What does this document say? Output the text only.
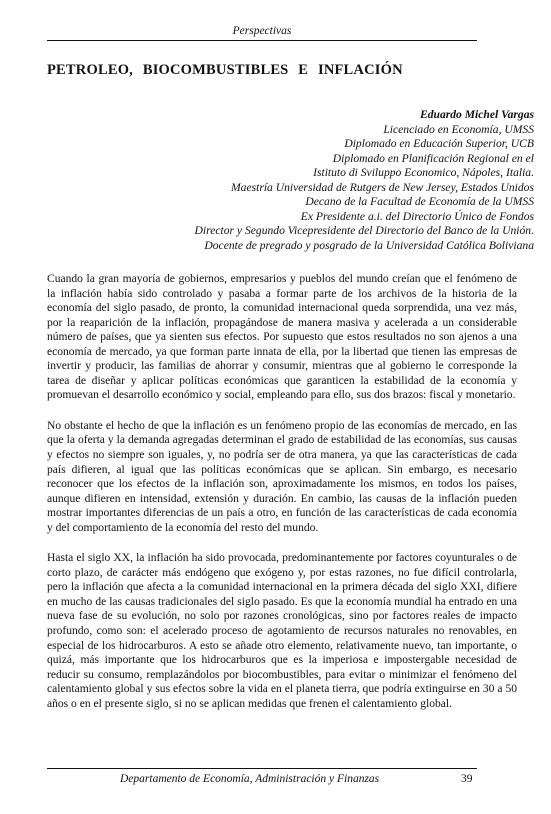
Perspectivas
PETROLEO, BIOCOMBUSTIBLES E INFLACIÓN
Eduardo Michel Vargas
Licenciado en Economía, UMSS
Diplomado en Educación Superior, UCB
Diplomado en Planificación Regional en el
Istituto di Sviluppo Economico, Nápoles, Italia.
Maestría Universidad de Rutgers de New Jersey, Estados Unidos
Decano de la Facultad de Economía de la UMSS
Ex Presidente a.i. del Directorio Único de Fondos
Director y Segundo Vicepresidente del Directorio del Banco de la Unión.
Docente de pregrado y posgrado de la Universidad Católica Boliviana

Cuando la gran mayoría de gobiernos, empresarios y pueblos del mundo creían que el fenómeno de la inflación había sido controlado y pasaba a formar parte de los archivos de la historia de la economía del siglo pasado, de pronto, la comunidad internacional queda sorprendida, una vez más, por la reaparición de la inflación, propagándose de manera masiva y acelerada a un considerable número de países, que ya sienten sus efectos. Por supuesto que estos resultados no son ajenos a una economía de mercado, ya que forman parte innata de ella, por la libertad que tienen las empresas de invertir y producir, las familias de ahorrar y consumir, mientras que al gobierno le corresponde la tarea de diseñar y aplicar políticas económicas que garanticen la estabilidad de la economía y promuevan el desarrollo económico y social, empleando para ello, sus dos brazos: fiscal y monetario.

No obstante el hecho de que la inflación es un fenómeno propio de las economías de mercado, en las que la oferta y la demanda agregadas determinan el grado de estabilidad de las economías, sus causas y efectos no siempre son iguales, y, no podría ser de otra manera, ya que las características de cada país difieren, al igual que las políticas económicas que se aplican. Sin embargo, es necesario reconocer que los efectos de la inflación son, aproximadamente los mismos, en todos los países, aunque difieren en intensidad, extensión y duración. En cambio, las causas de la inflación pueden mostrar importantes diferencias de un país a otro, en función de las características de cada economía y del comportamiento de la economía del resto del mundo.

Hasta el siglo XX, la inflación ha sido provocada, predominantemente por factores coyunturales o de corto plazo, de carácter más endógeno que exógeno y, por estas razones, no fue difícil controlarla, pero la inflación que afecta a la comunidad internacional en la primera década del siglo XXI, difiere en mucho de las causas tradicionales del siglo pasado. Es que la economía mundial ha entrado en una nueva fase de su evolución, no solo por razones cronológicas, sino por factores reales de impacto profundo, como son: el acelerado proceso de agotamiento de recursos naturales no renovables, en especial de los hidrocarburos. A esto se añade otro elemento, relativamente nuevo, tan importante, o quizá, más importante que los hidrocarburos que es la imperiosa e impostergable necesidad de reducir su consumo, remplazándolos por biocombustibles, para evitar o minimizar el fenómeno del calentamiento global y sus efectos sobre la vida en el planeta tierra, que podría extinguirse en 30 a 50 años o en el presente siglo, si no se aplican medidas que frenen el calentamiento global.

Departamento de Economía, Administración y Finanzas	39
